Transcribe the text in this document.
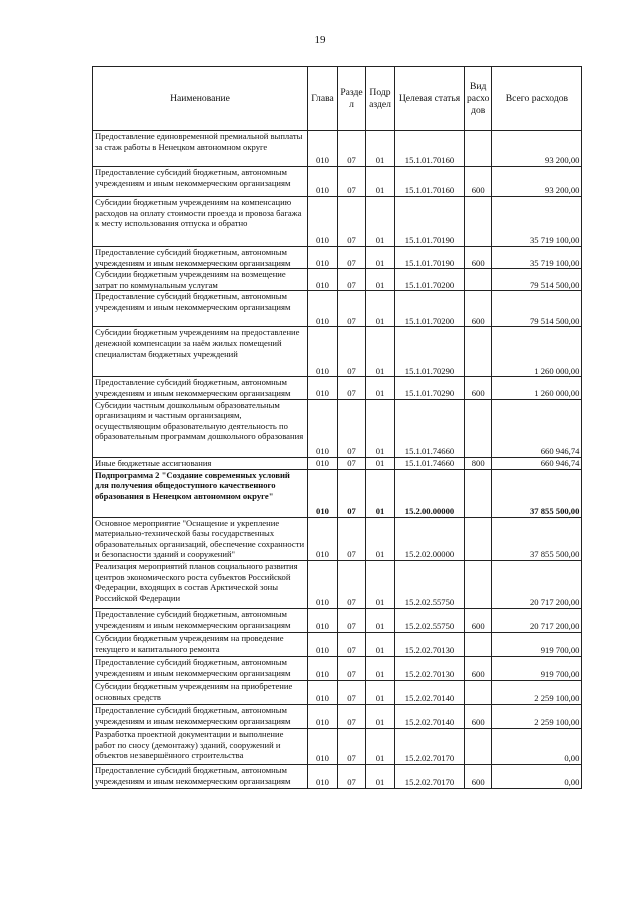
19
Наименование	Глава	Разде л	Подр аздел	Целевая статья	Вид расхо дов	Всего расходов
Предоставление единовременной премиальной выплаты за стаж работы в Ненецком автономном округе	010	07	01	15.1.01.70160		93 200,00
Предоставление субсидий бюджетным, автономным учреждениям и иным некоммерческим организациям	010	07	01	15.1.01.70160	600	93 200,00
Субсидии бюджетным учреждениям на компенсацию расходов на оплату стоимости проезда и провоза багажа к месту использования отпуска и обратно	010	07	01	15.1.01.70190		35 719 100,00
Предоставление субсидий бюджетным, автономным учреждениям и иным некоммерческим организациям	010	07	01	15.1.01.70190	600	35 719 100,00
Субсидии бюджетным учреждениям на возмещение затрат по коммунальным услугам	010	07	01	15.1.01.70200		79 514 500,00
Предоставление субсидий бюджетным, автономным учреждениям и иным некоммерческим организациям	010	07	01	15.1.01.70200	600	79 514 500,00
Субсидии бюджетным учреждениям на предоставление денежной компенсации за наём жилых помещений специалистам бюджетных учреждений	010	07	01	15.1.01.70290		1 260 000,00
Предоставление субсидий бюджетным, автономным учреждениям и иным некоммерческим организациям	010	07	01	15.1.01.70290	600	1 260 000,00
Субсидии частным дошкольным образовательным организациям и частным организациям, осуществляющим образовательную деятельность по образовательным программам дошкольного образования	010	07	01	15.1.01.74660		660 946,74
Иные бюджетные ассигнования	010	07	01	15.1.01.74660	800	660 946,74
Подпрограмма 2 "Создание современных условий для получения общедоступного качественного образования в Ненецком автономном округе"	010	07	01	15.2.00.00000		37 855 500,00
Основное мероприятие "Оснащение и укрепление материально-технической базы государственных образовательных организаций, обеспечение сохранности и безопасности зданий и сооружений"	010	07	01	15.2.02.00000		37 855 500,00
Реализация мероприятий планов социального развития центров экономического роста субъектов Российской Федерации, входящих в состав Арктической зоны Российской Федерации	010	07	01	15.2.02.55750		20 717 200,00
Предоставление субсидий бюджетным, автономным учреждениям и иным некоммерческим организациям	010	07	01	15.2.02.55750	600	20 717 200,00
Субсидии бюджетным учреждениям на проведение текущего и капитального ремонта	010	07	01	15.2.02.70130		919 700,00
Предоставление субсидий бюджетным, автономным учреждениям и иным некоммерческим организациям	010	07	01	15.2.02.70130	600	919 700,00
Субсидии бюджетным учреждениям на приобретение основных средств	010	07	01	15.2.02.70140		2 259 100,00
Предоставление субсидий бюджетным, автономным учреждениям и иным некоммерческим организациям	010	07	01	15.2.02.70140	600	2 259 100,00
Разработка проектной документации и выполнение работ по сносу (демонтажу) зданий, сооружений и объектов незавершённого строительства	010	07	01	15.2.02.70170		0,00
Предоставление субсидий бюджетным, автономным учреждениям и иным некоммерческим организациям	010	07	01	15.2.02.70170	600	0,00
